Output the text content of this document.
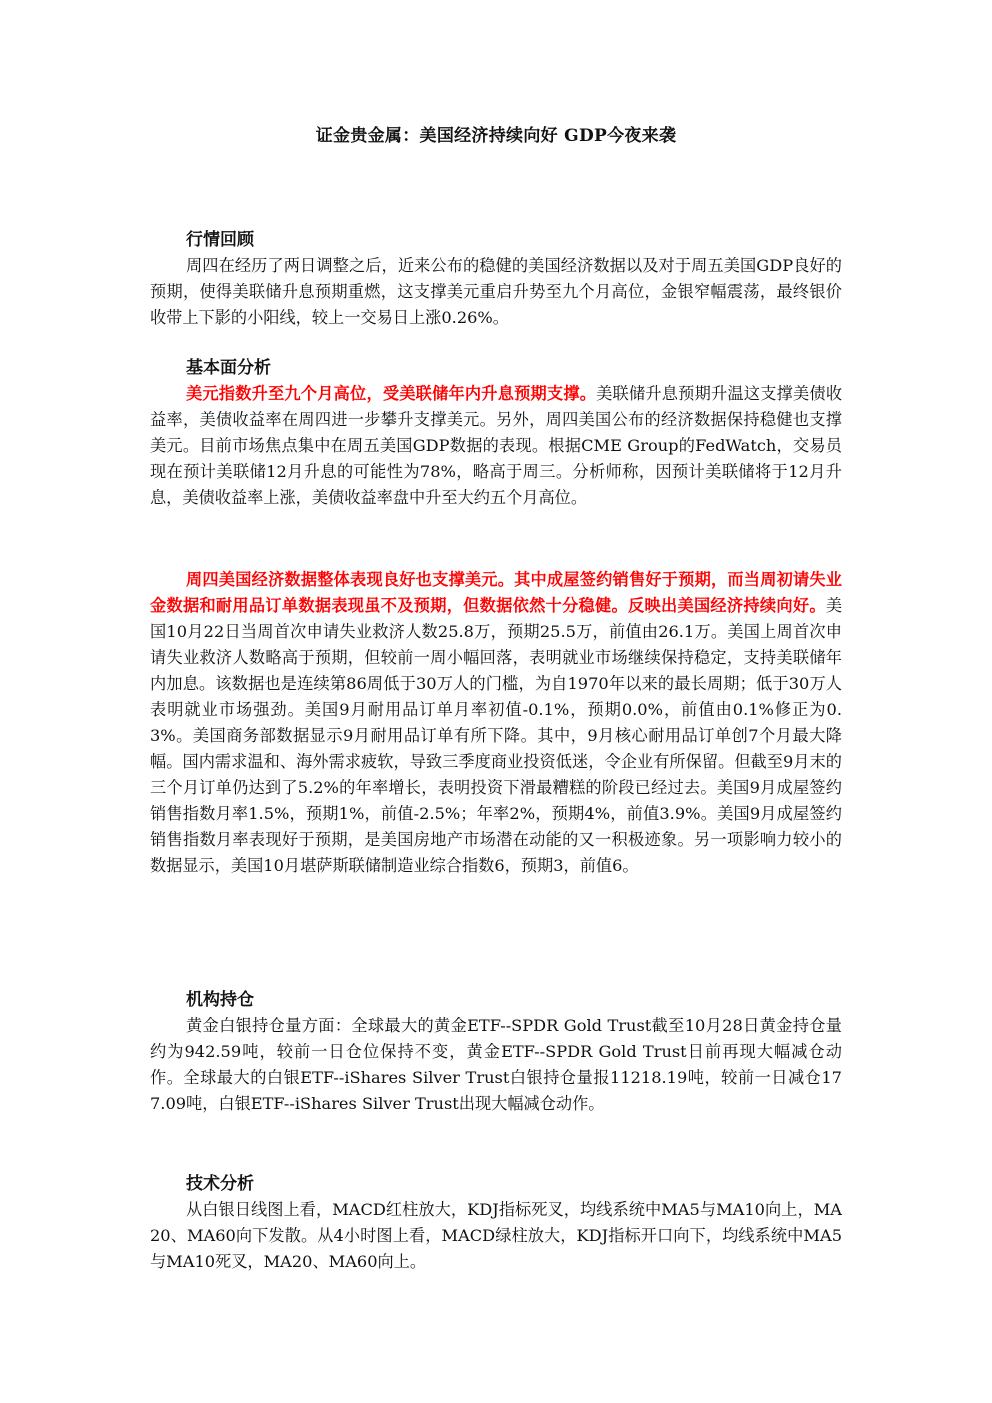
证金贵金属：美国经济持续向好 GDP今夜来袭

行情回顾

周四在经历了两日调整之后，近来公布的稳健的美国经济数据以及对于周五美国GDP良好的预期，使得美联储升息预期重燃，这支撑美元重启升势至九个月高位，金银窄幅震荡，最终银价收带上下影的小阳线，较上一交易日上涨0.26%。

基本面分析

美元指数升至九个月高位，受美联储年内升息预期支撑。美联储升息预期升温这支撑美债收益率，美债收益率在周四进一步攀升支撑美元。另外，周四美国公布的经济数据保持稳健也支撑美元。目前市场焦点集中在周五美国GDP数据的表现。根据CME Group的FedWatch，交易员现在预计美联储12月升息的可能性为78%，略高于周三。分析师称，因预计美联储将于12月升息，美债收益率上涨，美债收益率盘中升至大约五个月高位。

周四美国经济数据整体表现良好也支撑美元。其中成屋签约销售好于预期，而当周初请失业金数据和耐用品订单数据表现虽不及预期，但数据依然十分稳健。反映出美国经济持续向好。美国10月22日当周首次申请失业救济人数25.8万，预期25.5万，前值由26.1万。美国上周首次申请失业救济人数略高于预期，但较前一周小幅回落，表明就业市场继续保持稳定，支持美联储年内加息。该数据也是连续第86周低于30万人的门槛，为自1970年以来的最长周期；低于30万人表明就业市场强劲。美国9月耐用品订单月率初值-0.1%，预期0.0%，前值由0.1%修正为0.3%。美国商务部数据显示9月耐用品订单有所下降。其中，9月核心耐用品订单创7个月最大降幅。国内需求温和、海外需求疲软，导致三季度商业投资低迷，令企业有所保留。但截至9月末的三个月订单仍达到了5.2%的年率增长，表明投资下滑最糟糕的阶段已经过去。美国9月成屋签约销售指数月率1.5%，预期1%，前值-2.5%；年率2%，预期4%，前值3.9%。美国9月成屋签约销售指数月率表现好于预期，是美国房地产市场潜在动能的又一积极迹象。另一项影响力较小的数据显示，美国10月堪萨斯联储制造业综合指数6，预期3，前值6。

机构持仓

黄金白银持仓量方面：全球最大的黄金ETF--SPDR Gold Trust截至10月28日黄金持仓量约为942.59吨，较前一日仓位保持不变，黄金ETF--SPDR Gold Trust日前再现大幅减仓动作。全球最大的白银ETF--iShares Silver Trust白银持仓量报11218.19吨，较前一日减仓177.09吨，白银ETF--iShares Silver Trust出现大幅减仓动作。

技术分析

从白银日线图上看，MACD红柱放大，KDJ指标死叉，均线系统中MA5与MA10向上，MA20、MA60向下发散。从4小时图上看，MACD绿柱放大，KDJ指标开口向下，均线系统中MA5与MA10死叉，MA20、MA60向上。
